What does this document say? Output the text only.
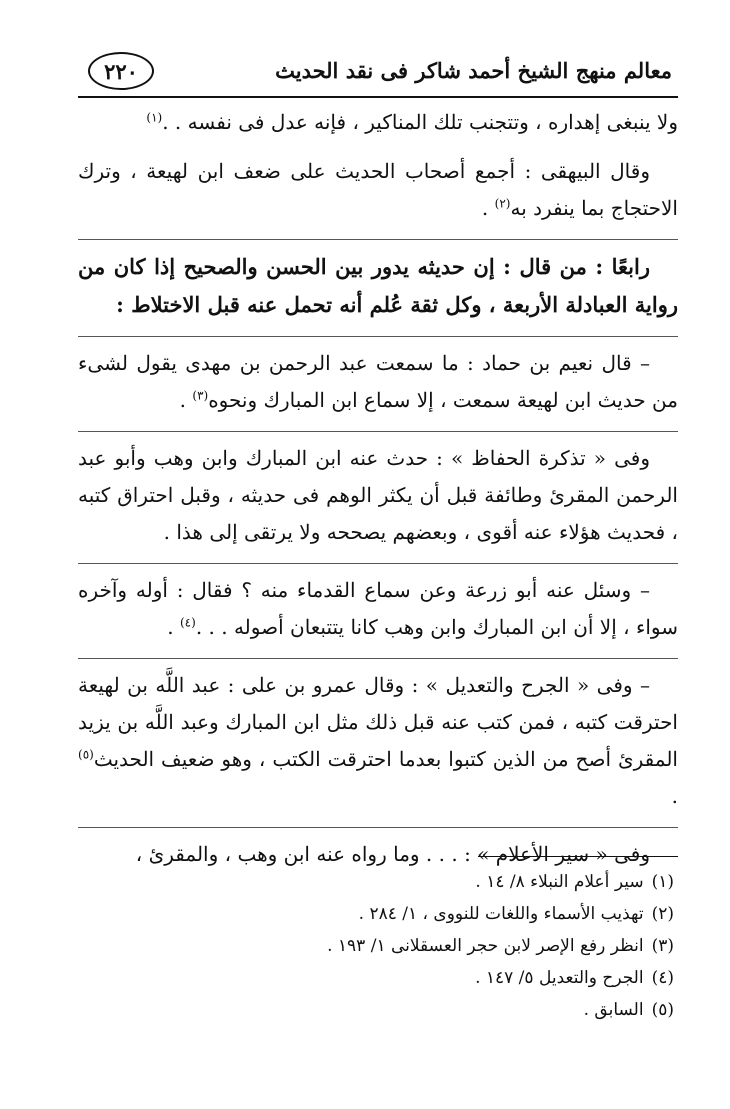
معالم منهج الشيخ أحمد شاكر فى نقد الحديث
٢٢٠

ولا ينبغى إهداره ، وتتجنب تلك المناكير ، فإنه عدل فى نفسه . .$^{(١)}$

وقال البيهقى : أجمع أصحاب الحديث على ضعف ابن لهيعة ، وترك الاحتجاج بما ينفرد به$^{(٢)}$ .

رابعًا : من قال : إن حديثه يدور بين الحسن والصحيح إذا كان من رواية العبادلة الأربعة ، وكل ثقة عُلم أنه تحمل عنه قبل الاختلاط :

– قال نعيم بن حماد : ما سمعت عبد الرحمن بن مهدى يقول لشىء من حديث ابن لهيعة سمعت ، إلا سماع ابن المبارك ونحوه$^{(٣)}$ .

وفى « تذكرة الحفاظ » : حدث عنه ابن المبارك وابن وهب وأبو عبد الرحمن المقرئ وطائفة قبل أن يكثر الوهم فى حديثه ، وقبل احتراق كتبه ، فحديث هؤلاء عنه أقوى ، وبعضهم يصححه ولا يرتقى إلى هذا .

– وسئل عنه أبو زرعة وعن سماع القدماء منه ؟ فقال : أوله وآخره سواء ، إلا أن ابن المبارك وابن وهب كانا يتتبعان أصوله . . .$^{(٤)}$ .

– وفى « الجرح والتعديل » : وقال عمرو بن على : عبد اللَّه بن لهيعة احترقت كتبه ، فمن كتب عنه قبل ذلك مثل ابن المبارك وعبد اللَّه بن يزيد المقرئ أصح من الذين كتبوا بعدما احترقت الكتب ، وهو ضعيف الحديث$^{(٥)}$ .

وفى « سير الأعلام » : . . . وما رواه عنه ابن وهب ، والمقرئ ،

(١)سير أعلام النبلاء ٨/ ١٤ .
(٢)تهذيب الأسماء واللغات للنووى ، ١/ ٢٨٤ .
(٣)انظر رفع الإصر لابن حجر العسقلانى ١/ ١٩٣ .
(٤)الجرح والتعديل ٥/ ١٤٧ .
(٥)السابق .
